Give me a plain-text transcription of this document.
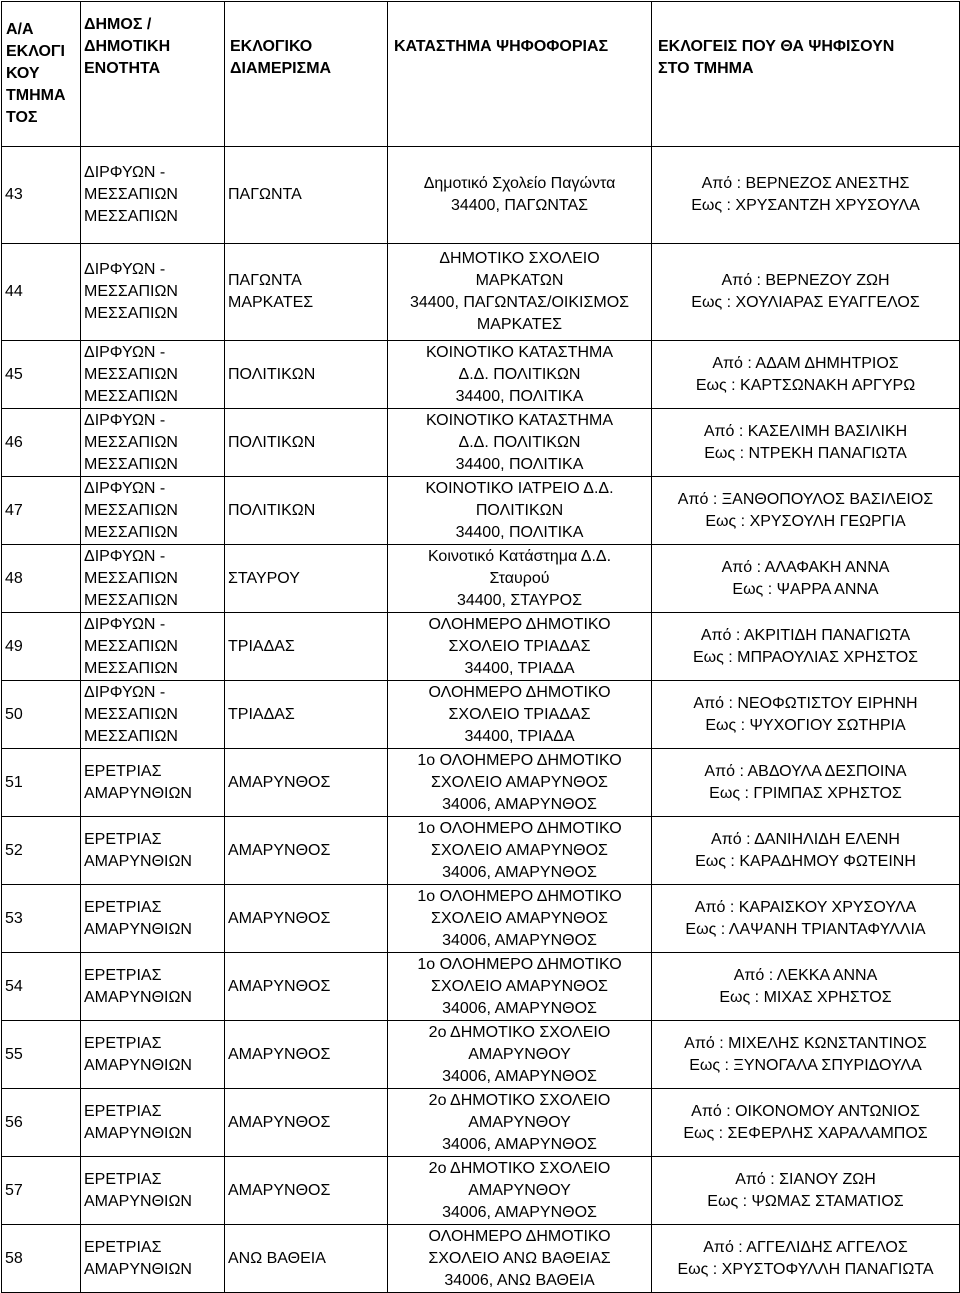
Α/Α
ΕΚΛΟΓΙ
ΚΟΥ
ΤΜΗΜΑ
ΤΟΣ	ΔΗΜΟΣ /
ΔΗΜΟΤΙΚΗ
ΕΝΟΤΗΤΑ	ΕΚΛΟΓΙΚΟ
ΔΙΑΜΕΡΙΣΜΑ	ΚΑΤΑΣΤΗΜΑ ΨΗΦΟΦΟΡΙΑΣ	ΕΚΛΟΓΕΙΣ ΠΟΥ ΘΑ ΨΗΦΙΣΟΥΝ
ΣΤΟ ΤΜΗΜΑ
43	ΔΙΡΦΥΩΝ -
ΜΕΣΣΑΠΙΩΝ
ΜΕΣΣΑΠΙΩΝ	ΠΑΓΩΝΤΑ	Δημοτικό Σχολείο Παγώντα
34400, ΠΑΓΩΝΤΑΣ	Από : ΒΕΡΝΕΖΟΣ ΑΝΕΣΤΗΣ
Εως : ΧΡΥΣΑΝΤΖΗ ΧΡΥΣΟΥΛΑ
44	ΔΙΡΦΥΩΝ -
ΜΕΣΣΑΠΙΩΝ
ΜΕΣΣΑΠΙΩΝ	ΠΑΓΩΝΤΑ
ΜΑΡΚΑΤΕΣ	ΔΗΜΟΤΙΚΟ ΣΧΟΛΕΙΟ
ΜΑΡΚΑΤΩΝ
34400, ΠΑΓΩΝΤΑΣ/ΟΙΚΙΣΜΟΣ
ΜΑΡΚΑΤΕΣ	Από : ΒΕΡΝΕΖΟΥ ΖΩΗ
Εως : ΧΟΥΛΙΑΡΑΣ ΕΥΑΓΓΕΛΟΣ
45	ΔΙΡΦΥΩΝ -
ΜΕΣΣΑΠΙΩΝ
ΜΕΣΣΑΠΙΩΝ	ΠΟΛΙΤΙΚΩΝ	ΚΟΙΝΟΤΙΚΟ ΚΑΤΑΣΤΗΜΑ
Δ.Δ. ΠΟΛΙΤΙΚΩΝ
34400, ΠΟΛΙΤΙΚΑ	Από : ΑΔΑΜ ΔΗΜΗΤΡΙΟΣ
Εως : ΚΑΡΤΣΩΝΑΚΗ ΑΡΓΥΡΩ
46	ΔΙΡΦΥΩΝ -
ΜΕΣΣΑΠΙΩΝ
ΜΕΣΣΑΠΙΩΝ	ΠΟΛΙΤΙΚΩΝ	ΚΟΙΝΟΤΙΚΟ ΚΑΤΑΣΤΗΜΑ
Δ.Δ. ΠΟΛΙΤΙΚΩΝ
34400, ΠΟΛΙΤΙΚΑ	Από : ΚΑΣΕΛΙΜΗ ΒΑΣΙΛΙΚΗ
Εως : ΝΤΡΕΚΗ ΠΑΝΑΓΙΩΤΑ
47	ΔΙΡΦΥΩΝ -
ΜΕΣΣΑΠΙΩΝ
ΜΕΣΣΑΠΙΩΝ	ΠΟΛΙΤΙΚΩΝ	ΚΟΙΝΟΤΙΚΟ ΙΑΤΡΕΙΟ Δ.Δ.
ΠΟΛΙΤΙΚΩΝ
34400, ΠΟΛΙΤΙΚΑ	Από : ΞΑΝΘΟΠΟΥΛΟΣ ΒΑΣΙΛΕΙΟΣ
Εως : ΧΡΥΣΟΥΛΗ ΓΕΩΡΓΙΑ
48	ΔΙΡΦΥΩΝ -
ΜΕΣΣΑΠΙΩΝ
ΜΕΣΣΑΠΙΩΝ	ΣΤΑΥΡΟΥ	Κοινοτικό Κατάστημα Δ.Δ.
Σταυρού
34400, ΣΤΑΥΡΟΣ	Από : ΑΛΑΦΑΚΗ ΑΝΝΑ
Εως : ΨΑΡΡΑ ΑΝΝΑ
49	ΔΙΡΦΥΩΝ -
ΜΕΣΣΑΠΙΩΝ
ΜΕΣΣΑΠΙΩΝ	ΤΡΙΑΔΑΣ	ΟΛΟΗΜΕΡΟ ΔΗΜΟΤΙΚΟ
ΣΧΟΛΕΙΟ ΤΡΙΑΔΑΣ
34400, ΤΡΙΑΔΑ	Από : ΑΚΡΙΤΙΔΗ ΠΑΝΑΓΙΩΤΑ
Εως : ΜΠΡΑΟΥΛΙΑΣ ΧΡΗΣΤΟΣ
50	ΔΙΡΦΥΩΝ -
ΜΕΣΣΑΠΙΩΝ
ΜΕΣΣΑΠΙΩΝ	ΤΡΙΑΔΑΣ	ΟΛΟΗΜΕΡΟ ΔΗΜΟΤΙΚΟ
ΣΧΟΛΕΙΟ ΤΡΙΑΔΑΣ
34400, ΤΡΙΑΔΑ	Από : ΝΕΟΦΩΤΙΣΤΟΥ ΕΙΡΗΝΗ
Εως : ΨΥΧΟΓΙΟΥ ΣΩΤΗΡΙΑ
51	ΕΡΕΤΡΙΑΣ
ΑΜΑΡΥΝΘΙΩΝ	ΑΜΑΡΥΝΘΟΣ	1ο ΟΛΟΗΜΕΡΟ ΔΗΜΟΤΙΚΟ
ΣΧΟΛΕΙΟ ΑΜΑΡΥΝΘΟΣ
34006, ΑΜΑΡΥΝΘΟΣ	Από : ΑΒΔΟΥΛΑ ΔΕΣΠΟΙΝΑ
Εως : ΓΡΙΜΠΑΣ ΧΡΗΣΤΟΣ
52	ΕΡΕΤΡΙΑΣ
ΑΜΑΡΥΝΘΙΩΝ	ΑΜΑΡΥΝΘΟΣ	1ο ΟΛΟΗΜΕΡΟ ΔΗΜΟΤΙΚΟ
ΣΧΟΛΕΙΟ ΑΜΑΡΥΝΘΟΣ
34006, ΑΜΑΡΥΝΘΟΣ	Από : ΔΑΝΙΗΛΙΔΗ ΕΛΕΝΗ
Εως : ΚΑΡΑΔΗΜΟΥ ΦΩΤΕΙΝΗ
53	ΕΡΕΤΡΙΑΣ
ΑΜΑΡΥΝΘΙΩΝ	ΑΜΑΡΥΝΘΟΣ	1ο ΟΛΟΗΜΕΡΟ ΔΗΜΟΤΙΚΟ
ΣΧΟΛΕΙΟ ΑΜΑΡΥΝΘΟΣ
34006, ΑΜΑΡΥΝΘΟΣ	Από : ΚΑΡΑΙΣΚΟΥ ΧΡΥΣΟΥΛΑ
Εως : ΛΑΨΑΝΗ ΤΡΙΑΝΤΑΦΥΛΛΙΑ
54	ΕΡΕΤΡΙΑΣ
ΑΜΑΡΥΝΘΙΩΝ	ΑΜΑΡΥΝΘΟΣ	1ο ΟΛΟΗΜΕΡΟ ΔΗΜΟΤΙΚΟ
ΣΧΟΛΕΙΟ ΑΜΑΡΥΝΘΟΣ
34006, ΑΜΑΡΥΝΘΟΣ	Από : ΛΕΚΚΑ ΑΝΝΑ
Εως : ΜΙΧΑΣ ΧΡΗΣΤΟΣ
55	ΕΡΕΤΡΙΑΣ
ΑΜΑΡΥΝΘΙΩΝ	ΑΜΑΡΥΝΘΟΣ	2ο ΔΗΜΟΤΙΚΟ ΣΧΟΛΕΙΟ
ΑΜΑΡΥΝΘΟΥ
34006, ΑΜΑΡΥΝΘΟΣ	Από : ΜΙΧΕΛΗΣ ΚΩΝΣΤΑΝΤΙΝΟΣ
Εως : ΞΥΝΟΓΑΛΑ ΣΠΥΡΙΔΟΥΛΑ
56	ΕΡΕΤΡΙΑΣ
ΑΜΑΡΥΝΘΙΩΝ	ΑΜΑΡΥΝΘΟΣ	2ο ΔΗΜΟΤΙΚΟ ΣΧΟΛΕΙΟ
ΑΜΑΡΥΝΘΟΥ
34006, ΑΜΑΡΥΝΘΟΣ	Από : ΟΙΚΟΝΟΜΟΥ ΑΝΤΩΝΙΟΣ
Εως : ΣΕΦΕΡΛΗΣ ΧΑΡΑΛΑΜΠΟΣ
57	ΕΡΕΤΡΙΑΣ
ΑΜΑΡΥΝΘΙΩΝ	ΑΜΑΡΥΝΘΟΣ	2ο ΔΗΜΟΤΙΚΟ ΣΧΟΛΕΙΟ
ΑΜΑΡΥΝΘΟΥ
34006, ΑΜΑΡΥΝΘΟΣ	Από : ΣΙΑΝΟΥ ΖΩΗ
Εως : ΨΩΜΑΣ ΣΤΑΜΑΤΙΟΣ
58	ΕΡΕΤΡΙΑΣ
ΑΜΑΡΥΝΘΙΩΝ	ΑΝΩ ΒΑΘΕΙΑ	ΟΛΟΗΜΕΡΟ ΔΗΜΟΤΙΚΟ
ΣΧΟΛΕΙΟ ΑΝΩ ΒΑΘΕΙΑΣ
34006, ΑΝΩ ΒΑΘΕΙΑ	Από : ΑΓΓΕΛΙΔΗΣ ΑΓΓΕΛΟΣ
Εως : ΧΡΥΣΤΟΦΥΛΛΗ ΠΑΝΑΓΙΩΤΑ
